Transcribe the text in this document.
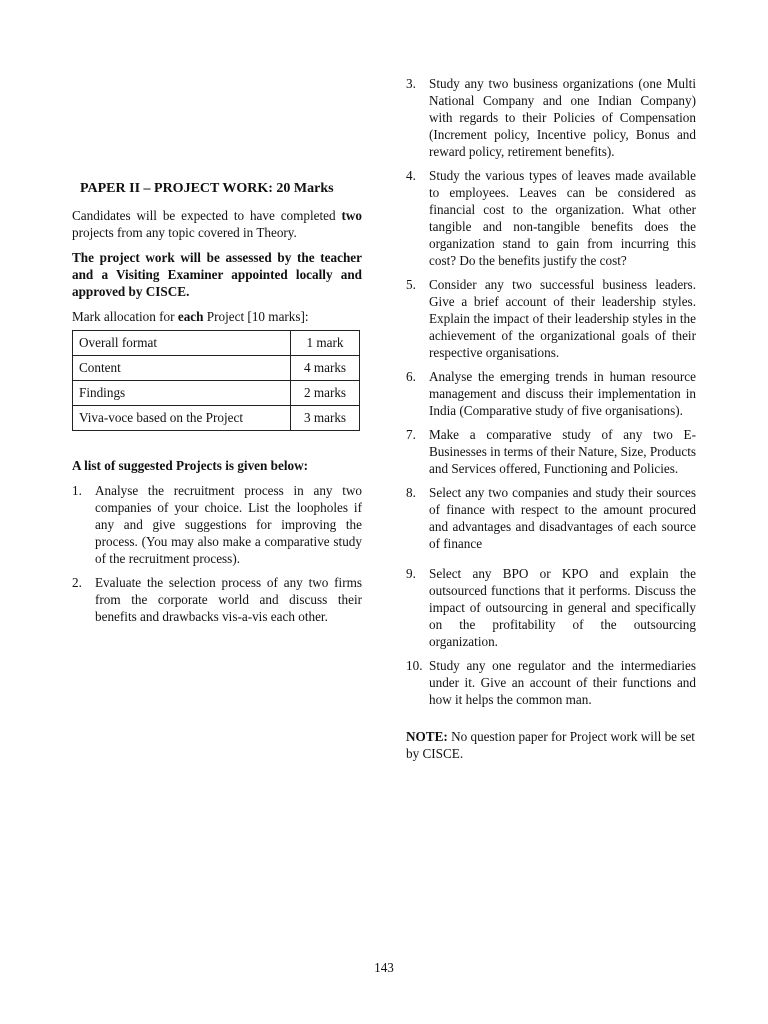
PAPER II – PROJECT WORK: 20 Marks

Candidates will be expected to have completed two projects from any topic covered in Theory.

The project work will be assessed by the teacher and a Visiting Examiner appointed locally and approved by CISCE.

Mark allocation for each Project [10 marks]:

Overall format	1 mark
Content	4 marks
Findings	2 marks
Viva-voce based on the Project	3 marks

A list of suggested Projects is given below:

1. Analyse the recruitment process in any two companies of your choice. List the loopholes if any and give suggestions for improving the process. (You may also make a comparative study of the recruitment process).
2. Evaluate the selection process of any two firms from the corporate world and discuss their benefits and drawbacks vis-a-vis each other.
3. Study any two business organizations (one Multi National Company and one Indian Company) with regards to their Policies of Compensation (Increment policy, Incentive policy, Bonus and reward policy, retirement benefits).
4. Study the various types of leaves made available to employees. Leaves can be considered as financial cost to the organization. What other tangible and non-tangible benefits does the organization stand to gain from incurring this cost? Do the benefits justify the cost?
5. Consider any two successful business leaders. Give a brief account of their leadership styles. Explain the impact of their leadership styles in the achievement of the organizational goals of their respective organisations.
6. Analyse the emerging trends in human resource management and discuss their implementation in India (Comparative study of five organisations).
7. Make a comparative study of any two E-Businesses in terms of their Nature, Size, Products and Services offered, Functioning and Policies.
8. Select any two companies and study their sources of finance with respect to the amount procured and advantages and disadvantages of each source of finance
9. Select any BPO or KPO and explain the outsourced functions that it performs. Discuss the impact of outsourcing in general and specifically on the profitability of the outsourcing organization.
10. Study any one regulator and the intermediaries under it. Give an account of their functions and how it helps the common man.

NOTE: No question paper for Project work will be set by CISCE.

143
